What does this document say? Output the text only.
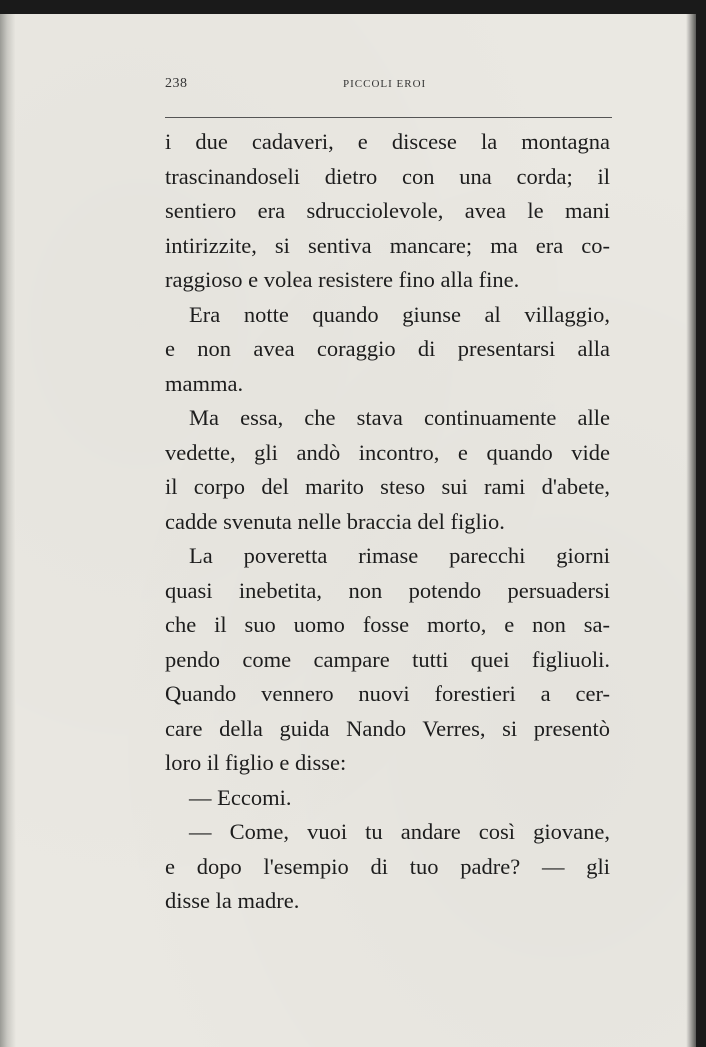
238	PICCOLI EROI
i due cadaveri, e discese la montagna
trascinandoseli dietro con una corda; il
sentiero era sdrucciolevole, avea le mani
intirizzite, si sentiva mancare; ma era co-
raggioso e volea resistere fino alla fine.
Era notte quando giunse al villaggio,
e non avea coraggio di presentarsi alla
mamma.
Ma essa, che stava continuamente alle
vedette, gli andò incontro, e quando vide
il corpo del marito steso sui rami d'abete,
cadde svenuta nelle braccia del figlio.
La poveretta rimase parecchi giorni
quasi inebetita, non potendo persuadersi
che il suo uomo fosse morto, e non sa-
pendo come campare tutti quei figliuoli.
Quando vennero nuovi forestieri a cer-
care della guida Nando Verres, si presentò
loro il figlio e disse:
— Eccomi.
— Come, vuoi tu andare così giovane,
e dopo l'esempio di tuo padre? — gli
disse la madre.
